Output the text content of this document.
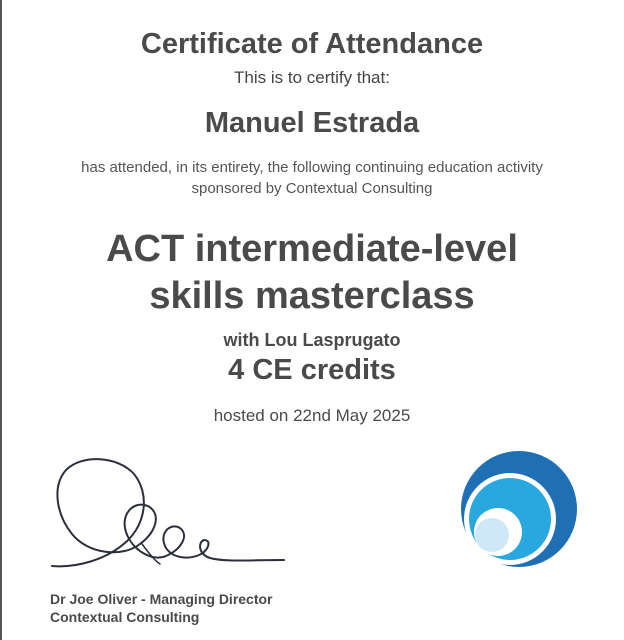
Certificate of Attendance
This is to certify that:
Manuel Estrada
has attended, in its entirety, the following continuing education activity
sponsored by Contextual Consulting
ACT intermediate-level
skills masterclass
with Lou Lasprugato
4 CE credits
hosted on 22nd May 2025
Dr Joe Oliver - Managing Director
Contextual Consulting
